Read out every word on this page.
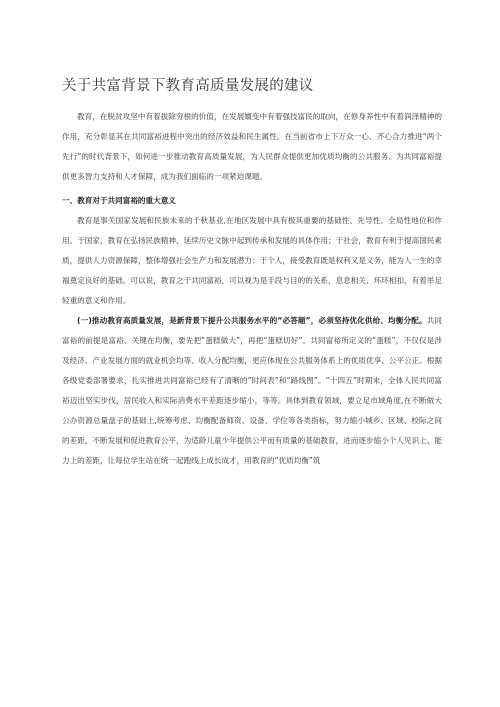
关于共富背景下教育高质量发展的建议

教育，在脱贫攻坚中有着拔除穷根的价值，在发展嬗变中有着强技富民的取向，在修身养性中有着润泽精神的作用，充分彰显其在共同富裕进程中突出的经济效益和民生属性。在当前省市上下万众一心、齐心合力推进“两个先行”的时代背景下，如何进一步推动教育高质量发展，为人民群众提供更加优质均衡的公共服务、为共同富裕提供更多智力支持和人才保障，成为我们面临的一项紧迫课题。

一、教育对于共同富裕的重大意义

教育是事关国家发展和民族未来的千秋基业,在地区发展中具有极其重要的基础性、先导性、全局性地位和作用。于国家，教育在弘扬民族精神、延续历史文脉中起到传承和发展的具体作用；于社会，教育有利于提高国民素质，提供人力资源保障，整体增强社会生产力和发展潜力；于个人，接受教育既是权利又是义务，能为人一生的幸福奠定良好的基础。可以说，教育之于共同富裕，可以视为是手段与目的的关系，息息相关、环环相扣，有着举足轻重的意义和作用。

(一)推动教育高质量发展，是新背景下提升公共服务水平的“必答题”，必须坚持优化供给、均衡分配。共同富裕的前提是富裕、关键在均衡，要先把“蛋糕做大”，再把“蛋糕切好”。共同富裕所定义的“蛋糕”，不仅仅是涉及经济、产业发展方面的就业机会均等、收入分配均衡，更应体现在公共服务体系上的优质优享、公平公正。根据各级党委部署要求，扎实推进共同富裕已经有了清晰的“时间表”和“路线图”。“十四五”时期末，全体人民共同富裕迈出坚实步伐，居民收入和实际消费水平差距逐步缩小，等等。具体到教育领域，要立足市域角度,在不断做大公办资源总量盘子的基础上,统筹考虑、均衡配备师资、设备、学位等各类指标，努力缩小城乡、区域、校际之间的差距，不断发展和促进教育公平，为适龄儿童少年提供公平而有质量的基础教育，进而逐步缩小个人见识上、能力上的差距，让每位学生站在统一起跑线上成长成才，用教育的“优质均衡”筑
